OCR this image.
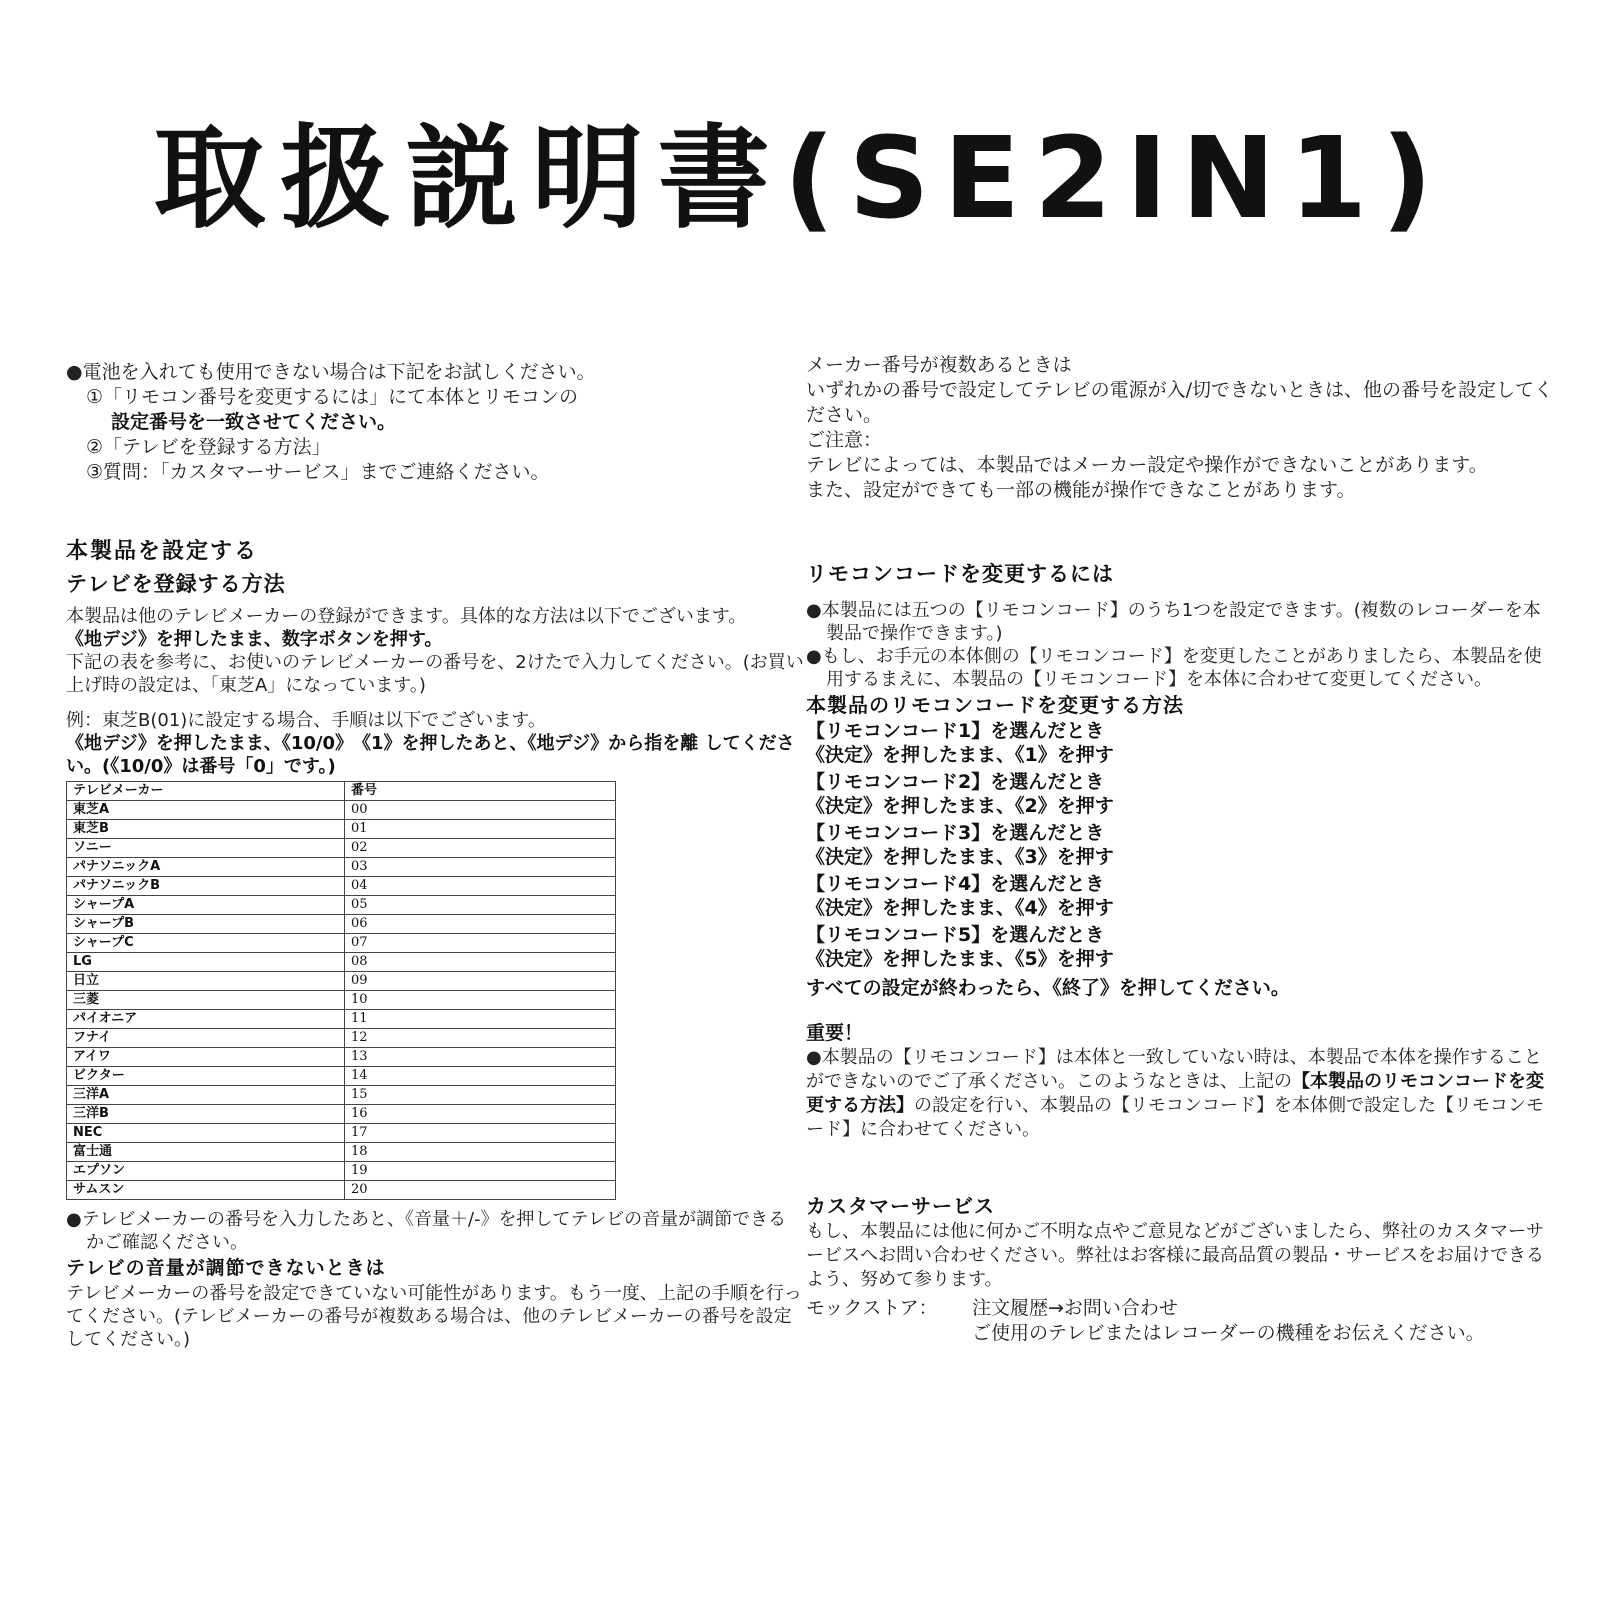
取扱説明書(SE2IN1)

●電池を入れても使用できない場合は下記をお試しください。

①「リモコン番号を変更するには」にて本体とリモコンの

設定番号を一致させてください。

②「テレビを登録する方法」

③質問：「カスタマーサービス」までご連絡ください。

本製品を設定する

テレビを登録する方法

本製品は他のテレビメーカーの登録ができます。具体的な方法は以下でございます。

《地デジ》を押したまま、数字ボタンを押す。

下記の表を参考に、お使いのテレビメーカーの番号を、2けたで入力してください。(お買い上げ時の設定は、「東芝A」になっています。)

例：東芝B(01)に設定する場合、手順は以下でございます。

《地デジ》を押したまま、《10/0》　《1》を押したあと、《地デジ》から指を離 してください。(《10/0》は番号「0」です。)

テレビメーカー	番号
東芝A	00
東芝B	01
ソニー	02
パナソニックA	03
パナソニックB	04
シャープA	05
シャープB	06
シャープC	07
LG	08
日立	09
三菱	10
パイオニア	11
フナイ	12
アイワ	13
ビクター	14
三洋A	15
三洋B	16
NEC	17
富士通	18
エプソン	19
サムスン	20

●テレビメーカーの番号を入力したあと、《音量＋/-》を押してテレビの音量が調節できるかご確認ください。

テレビの音量が調節できないときは

テレビメーカーの番号を設定できていない可能性があります。もう一度、上記の手順を行ってください。(テレビメーカーの番号が複数ある場合は、他のテレビメーカーの番号を設定してください。)

メーカー番号が複数あるときは

いずれかの番号で設定してテレビの電源が入/切できないときは、他の番号を設定してください。

ご注意：

テレビによっては、本製品ではメーカー設定や操作ができないことがあります。

また、設定ができても一部の機能が操作できなことがあります。

リモコンコードを変更するには

●本製品には五つの【リモコンコード】のうち1つを設定できます。(複数のレコーダーを本製品で操作できます。)

●もし、お手元の本体側の【リモコンコード】を変更したことがありましたら、本製品を使用するまえに、本製品の【リモコンコード】を本体に合わせて変更してください。

本製品のリモコンコードを変更する方法

【リモコンコード1】を選んだとき

《決定》を押したまま、《1》を押す

【リモコンコード2】を選んだとき

《決定》を押したまま、《2》を押す

【リモコンコード3】を選んだとき

《決定》を押したまま、《3》を押す

【リモコンコード4】を選んだとき

《決定》を押したまま、《4》を押す

【リモコンコード5】を選んだとき

《決定》を押したまま、《5》を押す

すべての設定が終わったら、《終了》を押してください。

重要！

●本製品の【リモコンコード】は本体と一致していない時は、本製品で本体を操作することができないのでご了承ください。このようなときは、上記の【本製品のリモコンコードを変更する方法】の設定を行い、本製品の【リモコンコード】を本体側で設定した【リモコンモード】に合わせてください。

カスタマーサービス

もし、本製品には他に何かご不明な点やご意見などがございましたら、弊社のカスタマーサービスへお問い合わせください。弊社はお客様に最高品質の製品・サービスをお届けできるよう、努めて参ります。

モックストア：	注文履歴→お問い合わせ

ご使用のテレビまたはレコーダーの機種をお伝えください。
